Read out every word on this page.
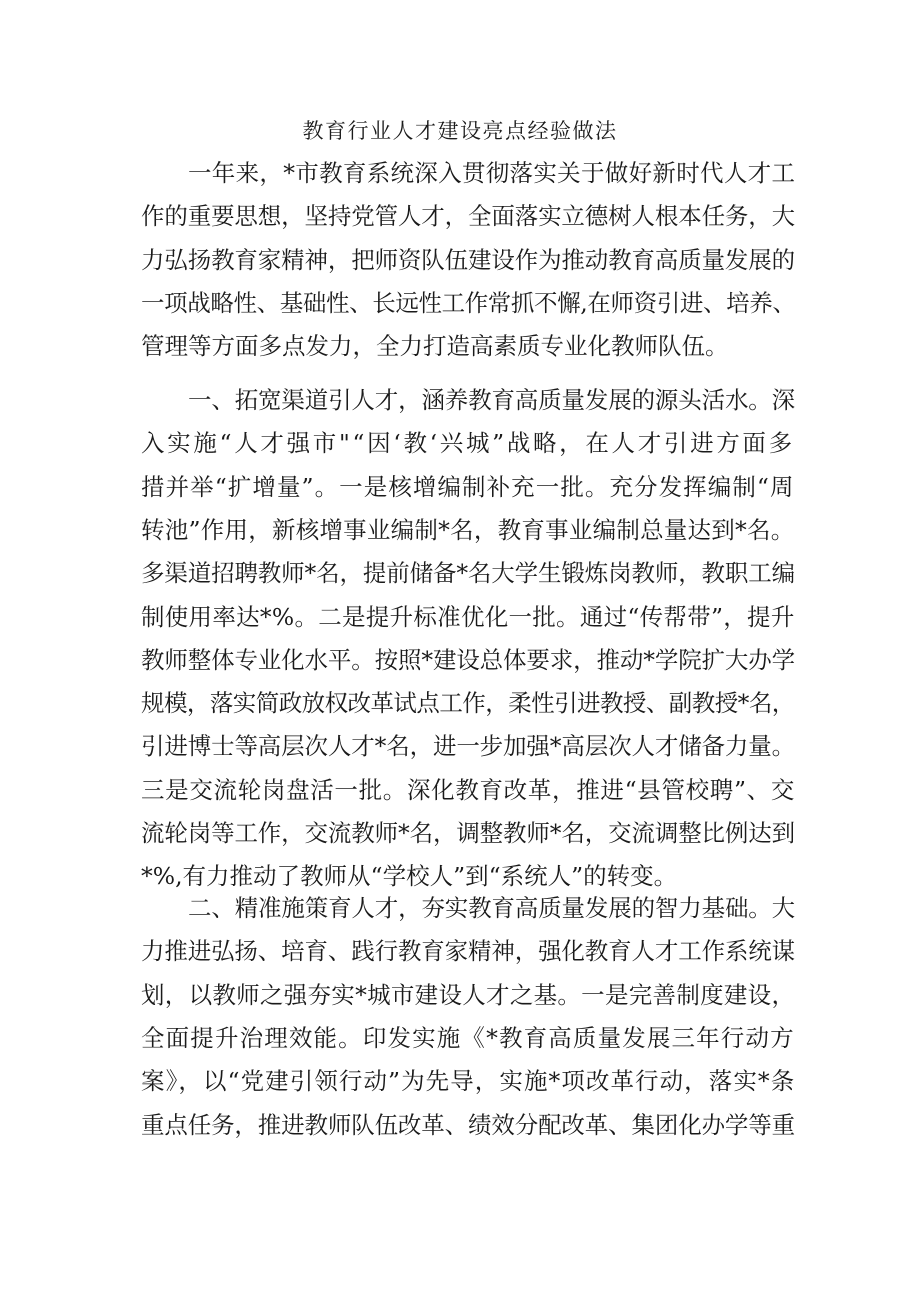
教育行业人才建设亮点经验做法
一年来，*市教育系统深入贯彻落实关于做好新时代人才工
作的重要思想，坚持党管人才，全面落实立德树人根本任务，大
力弘扬教育家精神，把师资队伍建设作为推动教育高质量发展的
一项战略性、基础性、长远性工作常抓不懈,在师资引进、培养、
管理等方面多点发力，全力打造高素质专业化教师队伍。
一、拓宽渠道引人才，涵养教育高质量发展的源头活水。深
入实施“人才强市"“因‘教‘兴城”战略，在人才引进方面多
措并举“扩增量”。一是核增编制补充一批。充分发挥编制“周
转池”作用，新核增事业编制*名，教育事业编制总量达到*名。
多渠道招聘教师*名，提前储备*名大学生锻炼岗教师，教职工编
制使用率达*%。二是提升标准优化一批。通过“传帮带”，提升
教师整体专业化水平。按照*建设总体要求，推动*学院扩大办学
规模，落实简政放权改革试点工作，柔性引进教授、副教授*名，
引进博士等高层次人才*名，进一步加强*高层次人才储备力量。
三是交流轮岗盘活一批。深化教育改革，推进“县管校聘”、交
流轮岗等工作，交流教师*名，调整教师*名，交流调整比例达到
*%,有力推动了教师从“学校人”到“系统人”的转变。
二、精准施策育人才，夯实教育高质量发展的智力基础。大
力推进弘扬、培育、践行教育家精神，强化教育人才工作系统谋
划，以教师之强夯实*城市建设人才之基。一是完善制度建设，
全面提升治理效能。印发实施《*教育高质量发展三年行动方
案》，以“党建引领行动”为先导，实施*项改革行动，落实*条
重点任务，推进教师队伍改革、绩效分配改革、集团化办学等重
